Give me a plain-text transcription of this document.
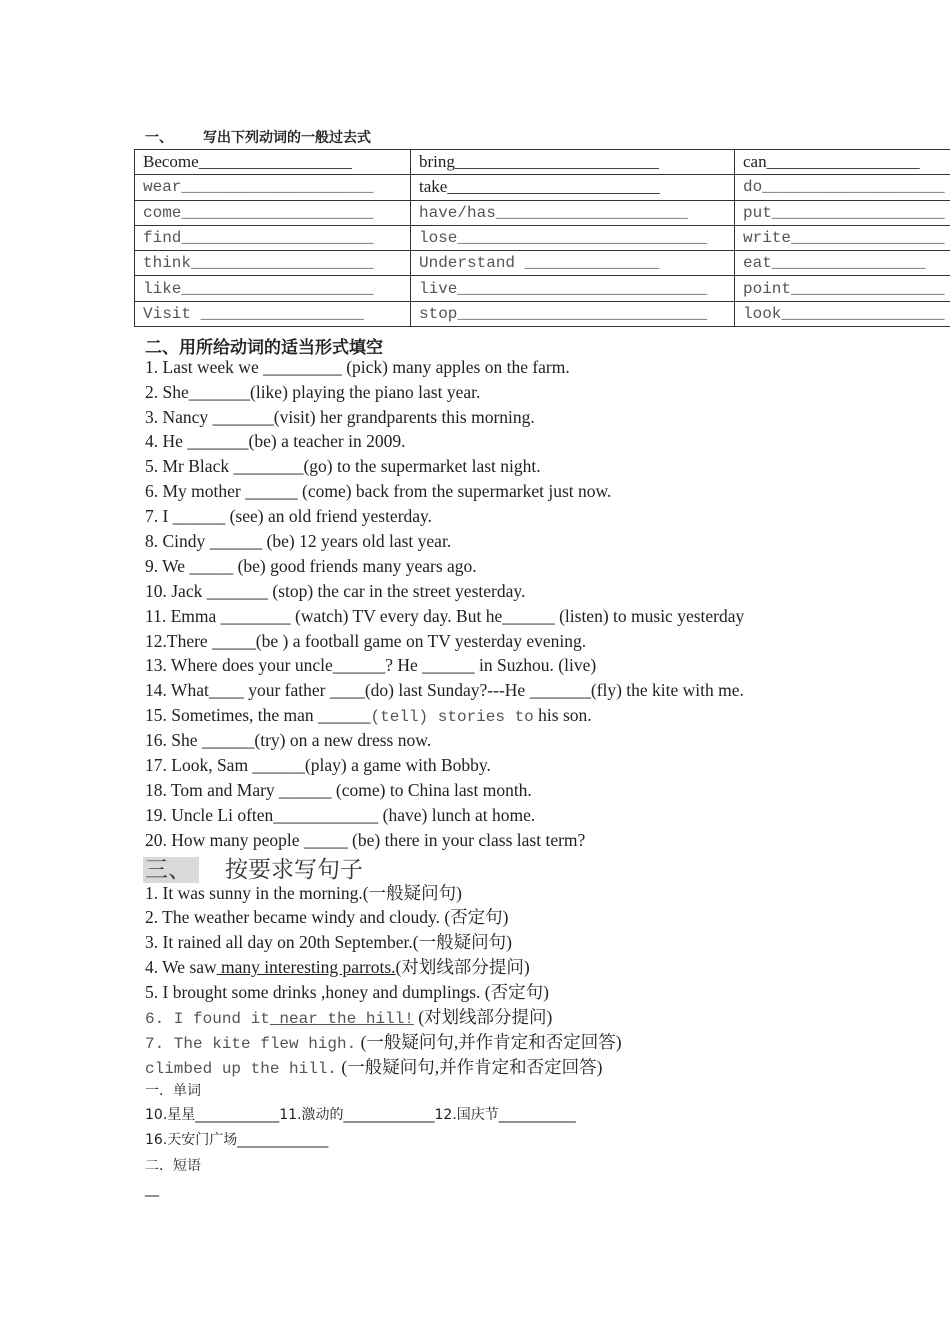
一、 写出下列动词的一般过去式
Become__________________	bring________________________	can__________________
wear____________________	take_________________________	do___________________
come____________________	have/has____________________	put__________________
find____________________	lose__________________________	write________________
think___________________	Understand ______________	eat________________
like____________________	live__________________________	point________________
Visit _________________	stop__________________________	look_________________
二、用所给动词的适当形式填空
1. Last week we _________ (pick) many apples on the farm.
2. She_______(like) playing the piano last year.
3. Nancy _______(visit) her grandparents this morning.
4. He _______(be) a teacher in 2009.
5. Mr Black ________(go) to the supermarket last night.
6. My mother ______ (come) back from the supermarket just now.
7. I ______ (see) an old friend yesterday.
8. Cindy ______ (be) 12 years old last year.
9. We _____ (be) good friends many years ago.
10. Jack _______ (stop) the car in the street yesterday.
11. Emma ________ (watch) TV every day. But he______ (listen) to music yesterday
12.There _____(be ) a football game on TV yesterday evening.
13. Where does your uncle______? He ______ in Suzhou. (live)
14. What____ your father ____(do) last Sunday?---He _______(fly) the kite with me.
15. Sometimes, the man ______(tell) stories to his son.
16. She ______(try) on a new dress now.
17. Look, Sam ______(play) a game with Bobby.
18. Tom and Mary ______ (come) to China last month.
19. Uncle Li often____________ (have) lunch at home.
20. How many people _____ (be) there in your class last term?
三、 按要求写句子
1. It was sunny in the morning.(一般疑问句)
2. The weather became windy and cloudy. (否定句)
3. It rained all day on 20th September.(一般疑问句)
4. We saw many interesting parrots.(对划线部分提问)
5. I brought some drinks ,honey and dumplings. (否定句)
6. I found it near the hill! (对划线部分提问)
7. The kite flew high. (一般疑问句,并作肯定和否定回答)
climbed up the hill. (一般疑问句,并作肯定和否定回答)
一．单词
10.星星____________11.激动的_____________12.国庆节___________
16.天安门广场_____________
二．短语
__
